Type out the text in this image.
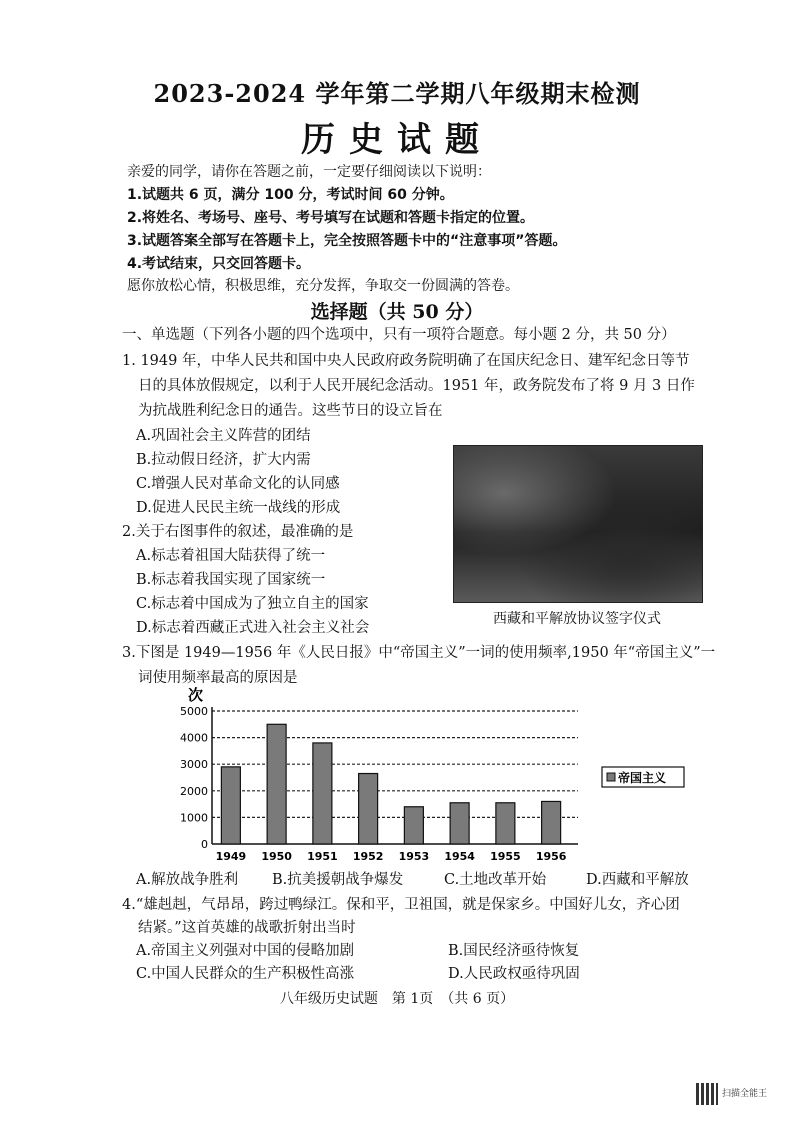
2023-2024 学年第二学期八年级期末检测
历史试题
亲爱的同学，请你在答题之前，一定要仔细阅读以下说明：
1.试题共 6 页，满分 100 分，考试时间 60 分钟。
2.将姓名、考场号、座号、考号填写在试题和答题卡指定的位置。
3.试题答案全部写在答题卡上，完全按照答题卡中的“注意事项”答题。
4.考试结束，只交回答题卡。
愿你放松心情，积极思维，充分发挥，争取交一份圆满的答卷。
选择题（共 50 分）
一、单选题（下列各小题的四个选项中，只有一项符合题意。每小题 2 分，共 50 分）
1. 1949 年，中华人民共和国中央人民政府政务院明确了在国庆纪念日、建军纪念日等节
日的具体放假规定，以利于人民开展纪念活动。1951 年，政务院发布了将 9 月 3 日作
为抗战胜利纪念日的通告。这些节日的设立旨在
A.巩固社会主义阵营的团结
B.拉动假日经济，扩大内需
C.增强人民对革命文化的认同感
D.促进人民民主统一战线的形成
2.关于右图事件的叙述，最准确的是
A.标志着祖国大陆获得了统一
B.标志着我国实现了国家统一
C.标志着中国成为了独立自主的国家
D.标志着西藏正式进入社会主义社会
西藏和平解放协议签字仪式
3.下图是 1949—1956 年《人民日报》中“帝国主义”一词的使用频率,1950 年“帝国主义”一
词使用频率最高的原因是
次
0
1000
2000
3000
4000
5000
1949 1950 1951 1952 1953 1954 1955 1956
帝国主义
A.解放战争胜利 B.抗美援朝战争爆发	C.土地改革开始	D.西藏和平解放
4.“雄赳赳，气昂昂，跨过鸭绿江。保和平，卫祖国，就是保家乡。中国好儿女，齐心团
结紧。”这首英雄的战歌折射出当时
A.帝国主义列强对中国的侵略加剧	B.国民经济亟待恢复
C.中国人民群众的生产积极性高涨	D.人民政权亟待巩固
八年级历史试题　第 1页　（共 6 页）
扫描全能王
